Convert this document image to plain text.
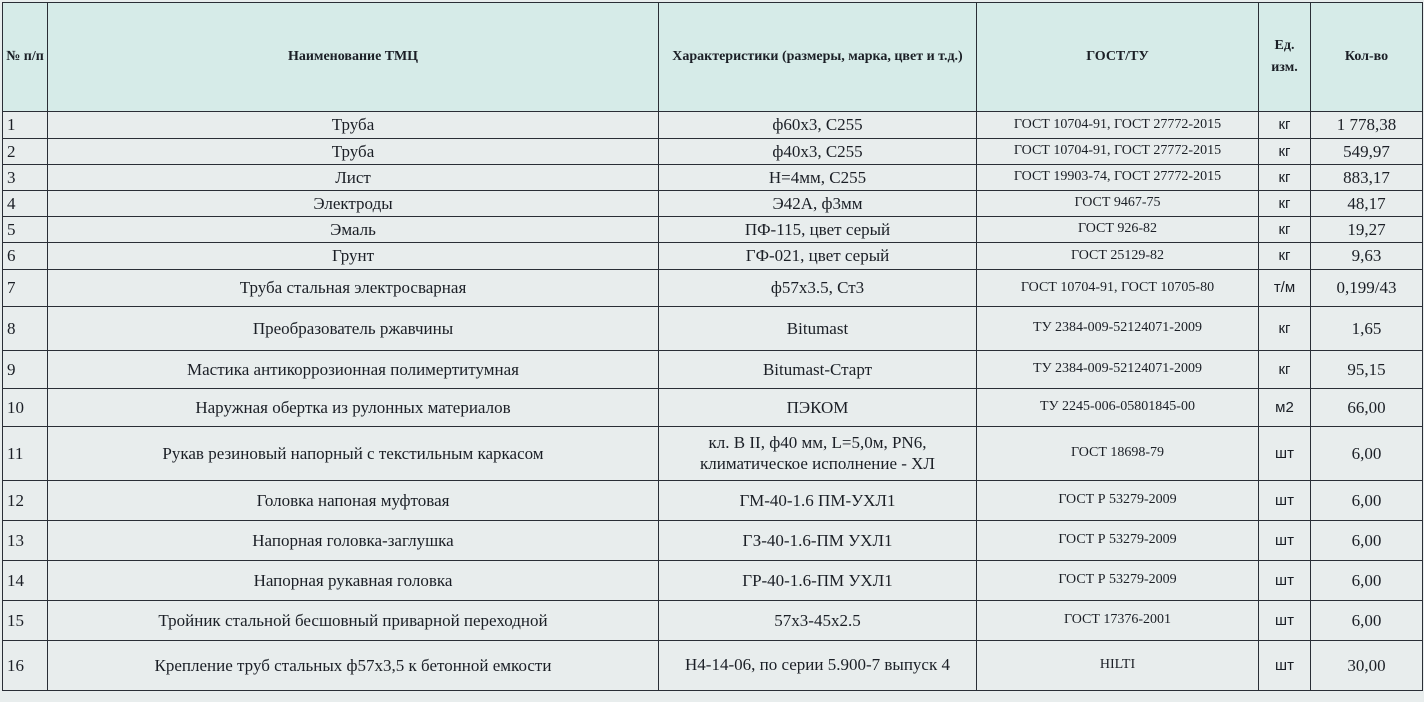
№ п/п	Наименование ТМЦ	Характеристики (размеры, марка, цвет и т.д.)	ГОСТ/ТУ	Ед. изм.	Кол-во
1	Труба	ф60х3, С255	ГОСТ 10704-91, ГОСТ 27772-2015	кг	1 778,38
2	Труба	ф40х3, С255	ГОСТ 10704-91, ГОСТ 27772-2015	кг	549,97
3	Лист	Н=4мм, С255	ГОСТ 19903-74, ГОСТ 27772-2015	кг	883,17
4	Электроды	Э42А, ф3мм	ГОСТ 9467-75	кг	48,17
5	Эмаль	ПФ-115, цвет серый	ГОСТ 926-82	кг	19,27
6	Грунт	ГФ-021, цвет серый	ГОСТ 25129-82	кг	9,63
7	Труба стальная электросварная	ф57х3.5, Ст3	ГОСТ 10704-91, ГОСТ 10705-80	т/м	0,199/43
8	Преобразователь ржавчины	Bitumast	ТУ 2384-009-52124071-2009	кг	1,65
9	Мастика антикоррозионная полимертитумная	Bitumast-Старт	ТУ 2384-009-52124071-2009	кг	95,15
10	Наружная обертка из рулонных материалов	ПЭКОМ	ТУ 2245-006-05801845-00	м2	66,00
11	Рукав резиновый напорный с текстильным каркасом	кл. В II, ф40 мм, L=5,0м, PN6, климатическое исполнение - ХЛ	ГОСТ 18698-79	шт	6,00
12	Головка напоная муфтовая	ГМ-40-1.6 ПМ-УХЛ1	ГОСТ Р 53279-2009	шт	6,00
13	Напорная головка-заглушка	ГЗ-40-1.6-ПМ УХЛ1	ГОСТ Р 53279-2009	шт	6,00
14	Напорная рукавная головка	ГР-40-1.6-ПМ УХЛ1	ГОСТ Р 53279-2009	шт	6,00
15	Тройник стальной бесшовный приварной переходной	57х3-45х2.5	ГОСТ 17376-2001	шт	6,00
16	Крепление труб стальных ф57х3,5 к бетонной емкости	Н4-14-06, по серии 5.900-7 выпуск 4	HILTI	шт	30,00
